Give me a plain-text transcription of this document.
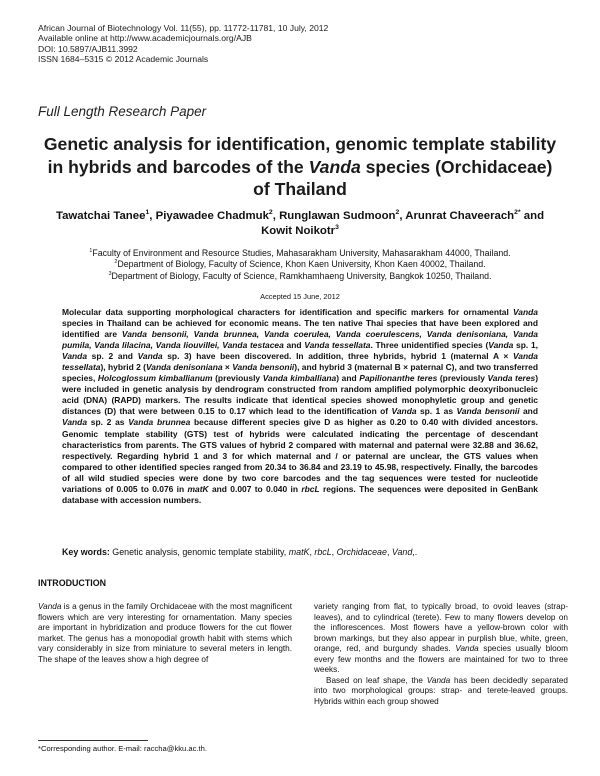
African Journal of Biotechnology Vol. 11(55), pp. 11772-11781, 10 July, 2012
Available online at http://www.academicjournals.org/AJB
DOI: 10.5897/AJB11.3992
ISSN 1684–5315 © 2012 Academic Journals
Full Length Research Paper
Genetic analysis for identification, genomic template stability in hybrids and barcodes of the Vanda species (Orchidaceae) of Thailand
Tawatchai Tanee$^1$, Piyawadee Chadmuk$^2$, Runglawan Sudmoon$^2$, Arunrat Chaveerach$^{2*}$ and Kowit Noikotr$^3$
$^1$Faculty of Environment and Resource Studies, Mahasarakham University, Mahasarakham 44000, Thailand.
$^2$Department of Biology, Faculty of Science, Khon Kaen University, Khon Kaen 40002, Thailand.
$^3$Department of Biology, Faculty of Science, Ramkhamhaeng University, Bangkok 10250, Thailand.
Accepted 15 June, 2012
Molecular data supporting morphological characters for identification and specific markers for ornamental Vanda species in Thailand can be achieved for economic means. The ten native Thai species that have been explored and identified are Vanda bensonii, Vanda brunnea, Vanda coerulea, Vanda coerulescens, Vanda denisoniana, Vanda pumila, Vanda lilacina, Vanda liouvillei, Vanda testacea and Vanda tessellata. Three unidentified species (Vanda sp. 1, Vanda sp. 2 and Vanda sp. 3) have been discovered. In addition, three hybrids, hybrid 1 (maternal A × Vanda tessellata), hybrid 2 (Vanda denisoniana × Vanda bensonii), and hybrid 3 (maternal B × paternal C), and two transferred species, Holcoglossum kimballianum (previously Vanda kimballiana) and Papilionanthe teres (previously Vanda teres) were included in genetic analysis by dendrogram constructed from random amplified polymorphic deoxyribonucleic acid (DNA) (RAPD) markers. The results indicate that identical species showed monophyletic group and genetic distances (D) that were between 0.15 to 0.17 which lead to the identification of Vanda sp. 1 as Vanda bensonii and Vanda sp. 2 as Vanda brunnea because different species give D as higher as 0.20 to 0.40 with divided ancestors. Genomic template stability (GTS) test of hybrids were calculated indicating the percentage of descendant characteristics from parents. The GTS values of hybrid 2 compared with maternal and paternal were 32.88 and 36.62, respectively. Regarding hybrid 1 and 3 for which maternal and / or paternal are unclear, the GTS values when compared to other identified species ranged from 20.34 to 36.84 and 23.19 to 45.98, respectively. Finally, the barcodes of all wild studied species were done by two core barcodes and the tag sequences were tested for nucleotide variations of 0.005 to 0.076 in matK and 0.007 to 0.040 in rbcL regions. The sequences were deposited in GenBank database with accession numbers.
Key words: Genetic analysis, genomic template stability, matK, rbcL, Orchidaceae, Vand,.
INTRODUCTION

Vanda is a genus in the family Orchidaceae with the most magnificent flowers which are very interesting for ornamentation. Many species are important in hybridization and produce flowers for the cut flower market. The genus has a monopodial growth habit with stems which vary considerably in size from miniature to several meters in length. The shape of the leaves show a high degree of

variety ranging from flat, to typically broad, to ovoid leaves (strap-leaves), and to cylindrical (terete). Few to many flowers develop on the inflorescences. Most flowers have a yellow-brown color with brown markings, but they also appear in purplish blue, white, green, orange, red, and burgundy shades. Vanda species usually bloom every few months and the flowers are maintained for two to three weeks.

Based on leaf shape, the Vanda has been decidedly separated into two morphological groups: strap- and terete-leaved groups. Hybrids within each group showed

*Corresponding author. E-mail: raccha@kku.ac.th.
